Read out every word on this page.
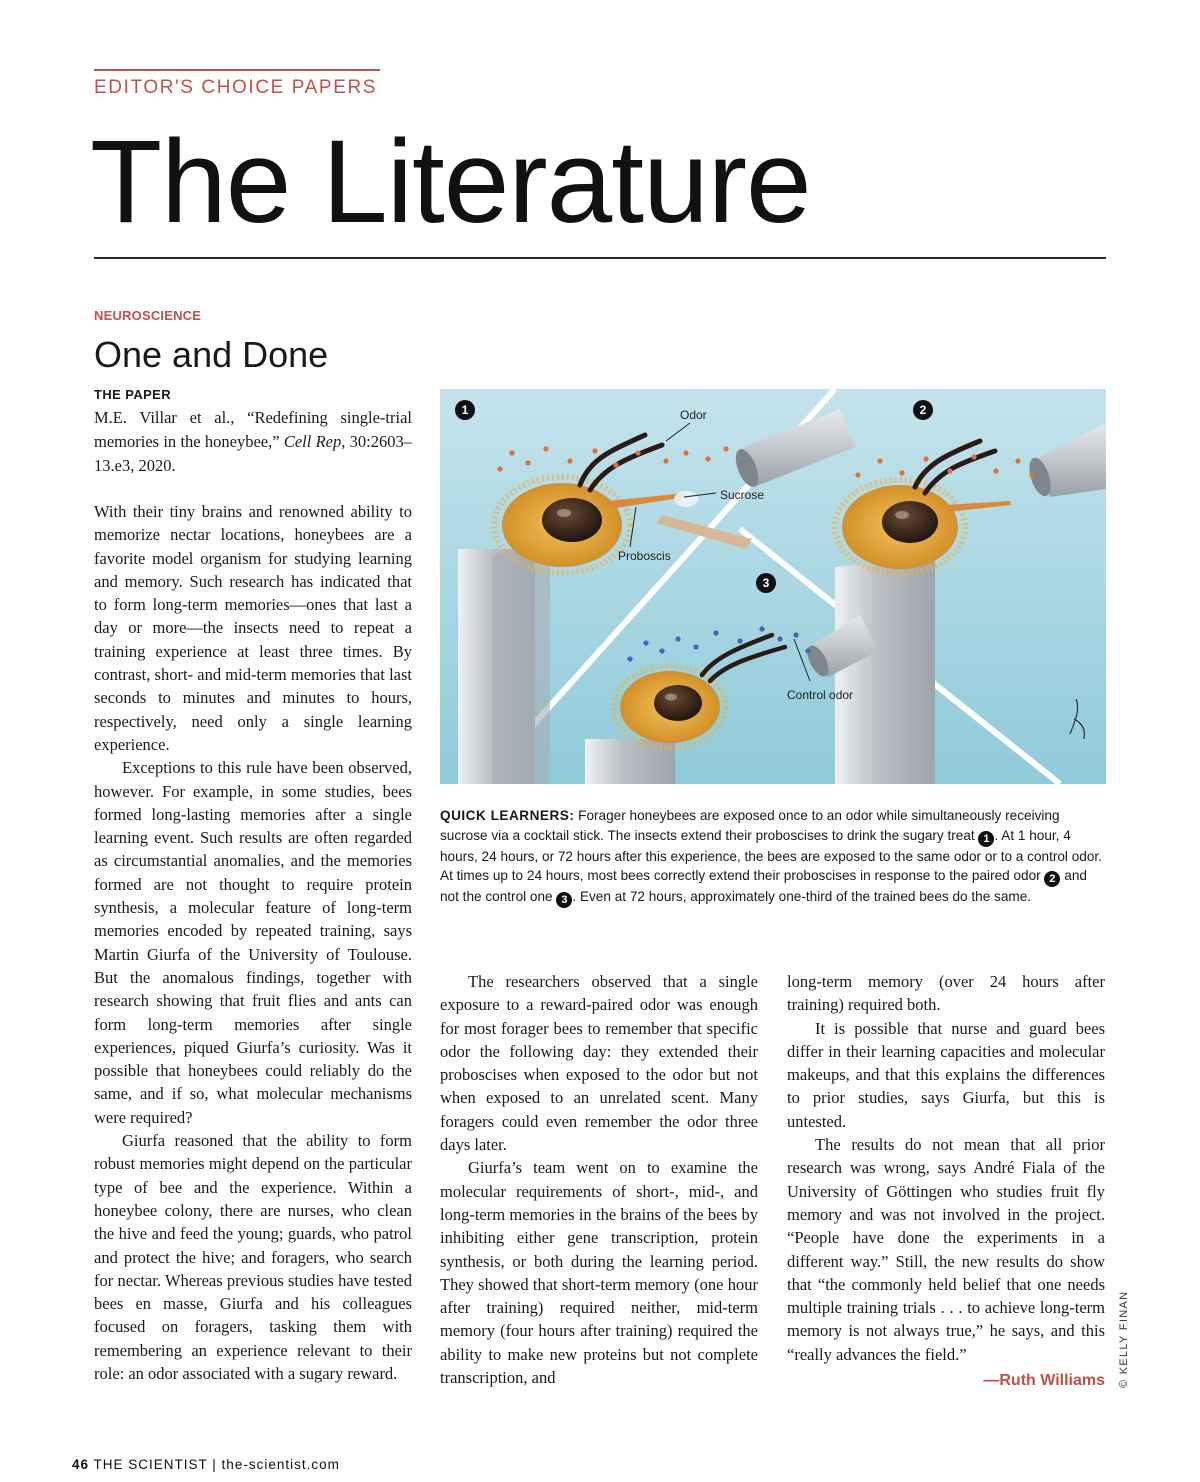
EDITOR'S CHOICE PAPERS
The Literature
NEUROSCIENCE
One and Done
THE PAPER
M.E. Villar et al., “Redefining single-trial memories in the honeybee,” Cell Rep, 30:2603–13.e3, 2020.

With their tiny brains and renowned ability to memorize nectar locations, honeybees are a favorite model organism for studying learning and memory. Such research has indicated that to form long-term memories—ones that last a day or more—the insects need to repeat a training experience at least three times. By contrast, short- and mid-term memories that last seconds to minutes and minutes to hours, respectively, need only a single learning experience.

Exceptions to this rule have been observed, however. For example, in some studies, bees formed long-lasting memories after a single learning event. Such results are often regarded as circumstantial anomalies, and the memories formed are not thought to require protein synthesis, a molecular feature of long-term memories encoded by repeated training, says Martin Giurfa of the University of Toulouse. But the anomalous findings, together with research showing that fruit flies and ants can form long-term memories after single experiences, piqued Giurfa’s curiosity. Was it possible that honeybees could reliably do the same, and if so, what molecular mechanisms were required?

Giurfa reasoned that the ability to form robust memories might depend on the particular type of bee and the experience. Within a honeybee colony, there are nurses, who clean the hive and feed the young; guards, who patrol and protect the hive; and foragers, who search for nectar. Whereas previous studies have tested bees en masse, Giurfa and his colleagues focused on foragers, tasking them with remembering an experience relevant to their role: an odor associated with a sugary reward.

The researchers observed that a single exposure to a reward-paired odor was enough for most forager bees to remember that specific odor the following day: they extended their proboscises when exposed to the odor but not when exposed to an unrelated scent. Many foragers could even remember the odor three days later.

Giurfa’s team went on to examine the molecular requirements of short-, mid-, and long-term memories in the brains of the bees by inhibiting either gene transcription, protein synthesis, or both during the learning period. They showed that short-term memory (one hour after training) required neither, mid-term memory (four hours after training) required the ability to make new proteins but not complete transcription, and

long-term memory (over 24 hours after training) required both.

It is possible that nurse and guard bees differ in their learning capacities and molecular makeups, and that this explains the differences to prior studies, says Giurfa, but this is untested.

The results do not mean that all prior research was wrong, says André Fiala of the University of Göttingen who studies fruit fly memory and was not involved in the project. “People have done the experiments in a different way.” Still, the new results do show that “the commonly held belief that one needs multiple training trials . . . to achieve long-term memory is not always true,” he says, and this “really advances the field.”

—Ruth Williams
1	2
3
Odor
Sucrose
Proboscis
Control odor
QUICK LEARNERS: Forager honeybees are exposed once to an odor while simultaneously receiving sucrose via a cocktail stick. The insects extend their proboscises to drink the sugary treat 1 . At 1 hour, 4 hours, 24 hours, or 72 hours after this experience, the bees are exposed to the same odor or to a control odor. At times up to 24 hours, most bees correctly extend their proboscises in response to the paired odor 2 and not the control one 3 . Even at 72 hours, approximately one-third of the trained bees do the same.
© KELLY FINAN
46 THE SCIENTIST | the-scientist.com
